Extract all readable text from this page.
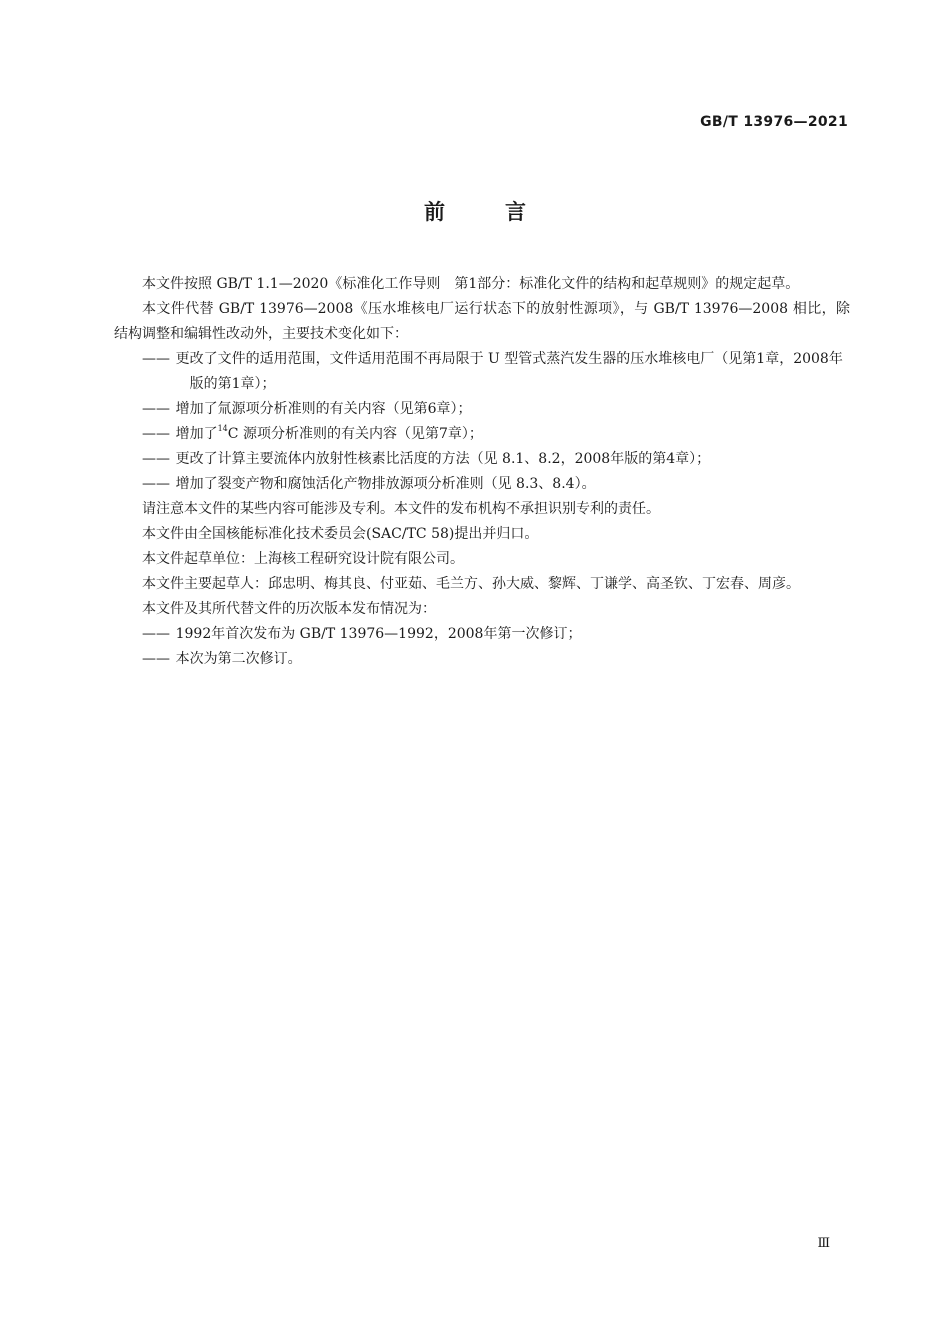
GB/T 13976—2021
前	言

本文件按照 GB/T 1.1—2020《标准化工作导则　第1部分：标准化文件的结构和起草规则》的规定起草。

本文件代替 GB/T 13976—2008《压水堆核电厂运行状态下的放射性源项》，与 GB/T 13976—2008 相比，除结构调整和编辑性改动外，主要技术变化如下：

—— 更改了文件的适用范围，文件适用范围不再局限于 U 型管式蒸汽发生器的压水堆核电厂（见第1章，2008年版的第1章）；

—— 增加了氚源项分析准则的有关内容（见第6章）；

—— 增加了$^{14}$C 源项分析准则的有关内容（见第7章）；

—— 更改了计算主要流体内放射性核素比活度的方法（见 8.1、8.2，2008年版的第4章）；

—— 增加了裂变产物和腐蚀活化产物排放源项分析准则（见 8.3、8.4）。

请注意本文件的某些内容可能涉及专利。本文件的发布机构不承担识别专利的责任。

本文件由全国核能标准化技术委员会(SAC/TC 58)提出并归口。

本文件起草单位：上海核工程研究设计院有限公司。

本文件主要起草人：邱忠明、梅其良、付亚茹、毛兰方、孙大威、黎辉、丁谦学、高圣钦、丁宏春、周彦。

本文件及其所代替文件的历次版本发布情况为：

—— 1992年首次发布为 GB/T 13976—1992，2008年第一次修订；

—— 本次为第二次修订。

Ⅲ
